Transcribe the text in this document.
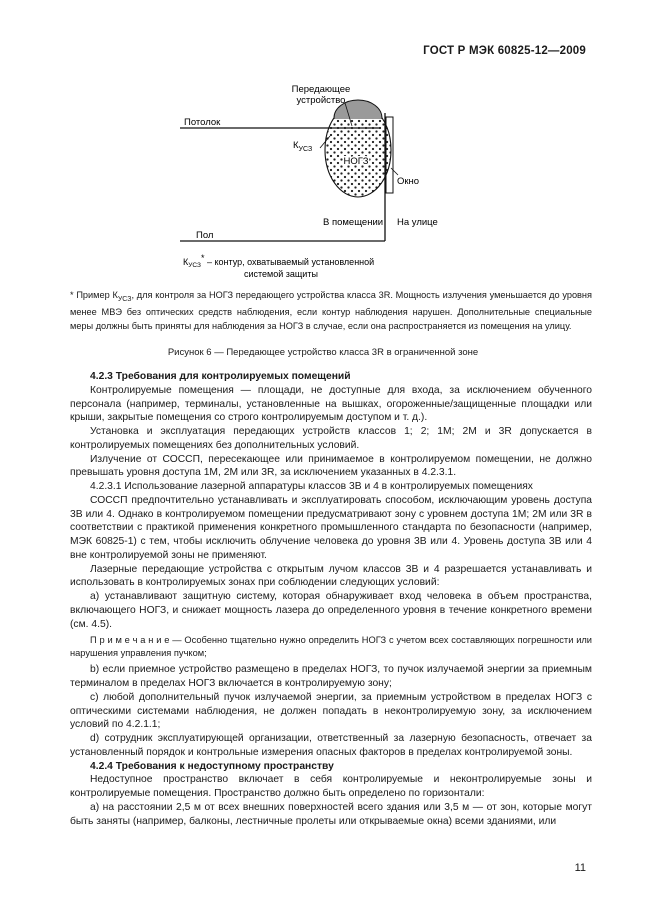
ГОСТ Р МЭК 60825-12—2009
Передающее
устройство
Потолок
$К_{УСЗ}$
НОГЗ
Окно
В помещении На улице
Пол
$К_{УСЗ}*$ – контур, охватываемый установленной
системой защиты
* Пример $К_{УСЗ}$, для контроля за НОГЗ передающего устройства класса 3R. Мощность излучения уменьшается до уровня менее МВЭ без оптических средств наблюдения, если контур наблюдения нарушен. Дополнительные специальные меры должны быть приняты для наблюдения за НОГЗ в случае, если она распространяется из помещения на улицу.
Рисунок 6 — Передающее устройство класса 3R в ограниченной зоне

4.2.3 Требования для контролируемых помещений

Контролируемые помещения — площади, не доступные для входа, за исключением обученного персонала (например, терминалы, установленные на вышках, огороженные/защищенные площадки или крыши, закрытые помещения со строго контролируемым доступом и т. д.).

Установка и эксплуатация передающих устройств классов 1; 2; 1M; 2M и 3R допускается в контролируемых помещениях без дополнительных условий.

Излучение от СОССП, пересекающее или принимаемое в контролируемом помещении, не должно превышать уровня доступа 1М, 2М или 3R, за исключением указанных в 4.2.3.1.

4.2.3.1 Использование лазерной аппаратуры классов 3В и 4 в контролируемых помещениях

СОССП предпочтительно устанавливать и эксплуатировать способом, исключающим уровень доступа 3В или 4. Однако в контролируемом помещении предусматривают зону с уровнем доступа 1M; 2M или 3R в соответствии с практикой применения конкретного промышленного стандарта по безопасности (например, МЭК 60825-1) с тем, чтобы исключить облучение человека до уровня 3В или 4. Уровень доступа 3В или 4 вне контролируемой зоны не применяют.

Лазерные передающие устройства с открытым лучом классов 3В и 4 разрешается устанавливать и использовать в контролируемых зонах при соблюдении следующих условий:

a) устанавливают защитную систему, которая обнаруживает вход человека в объем пространства, включающего НОГЗ, и снижает мощность лазера до определенного уровня в течение конкретного времени (см. 4.5).

П р и м е ч а н и е — Особенно тщательно нужно определить НОГЗ с учетом всех составляющих погрешности или нарушения управления пучком;

b) если приемное устройство размещено в пределах НОГЗ, то пучок излучаемой энергии за приемным терминалом в пределах НОГЗ включается в контролируемую зону;

c) любой дополнительный пучок излучаемой энергии, за приемным устройством в пределах НОГЗ с оптическими системами наблюдения, не должен попадать в неконтролируемую зону, за исключением условий по 4.2.1.1;

d) сотрудник эксплуатирующей организации, ответственный за лазерную безопасность, отвечает за установленный порядок и контрольные измерения опасных факторов в пределах контролируемой зоны.

4.2.4 Требования к недоступному пространству

Недоступное пространство включает в себя контролируемые и неконтролируемые зоны и контролируемые помещения. Пространство должно быть определено по горизонтали:

a) на расстоянии 2,5 м от всех внешних поверхностей всего здания или 3,5 м — от зон, которые могут быть заняты (например, балконы, лестничные пролеты или открываемые окна) всеми зданиями, или

11
